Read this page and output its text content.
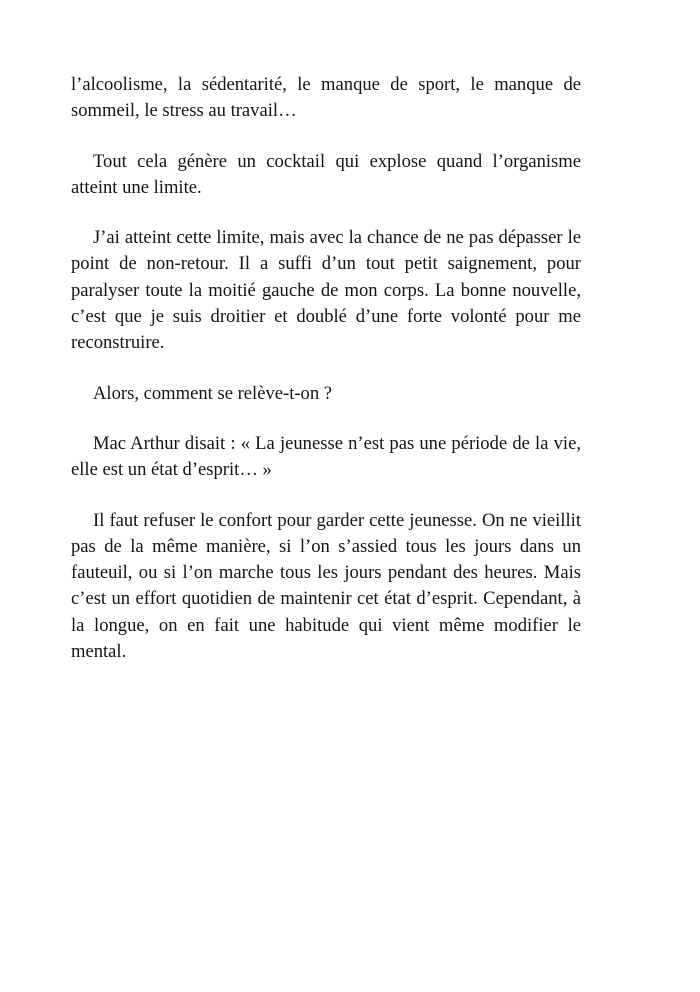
l’alcoolisme, la sédentarité, le manque de sport, le manque de sommeil, le stress au travail…

Tout cela génère un cocktail qui explose quand l’organisme atteint une limite.

J’ai atteint cette limite, mais avec la chance de ne pas dépasser le point de non-retour. Il a suffi d’un tout petit saignement, pour paralyser toute la moitié gauche de mon corps. La bonne nouvelle, c’est que je suis droitier et doublé d’une forte volonté pour me reconstruire.

Alors, comment se relève-t-on ?

Mac Arthur disait : « La jeunesse n’est pas une période de la vie, elle est un état d’esprit… »

Il faut refuser le confort pour garder cette jeunesse. On ne vieillit pas de la même manière, si l’on s’assied tous les jours dans un fauteuil, ou si l’on marche tous les jours pendant des heures. Mais c’est un effort quotidien de maintenir cet état d’esprit. Cependant, à la longue, on en fait une habitude qui vient même modifier le mental.
